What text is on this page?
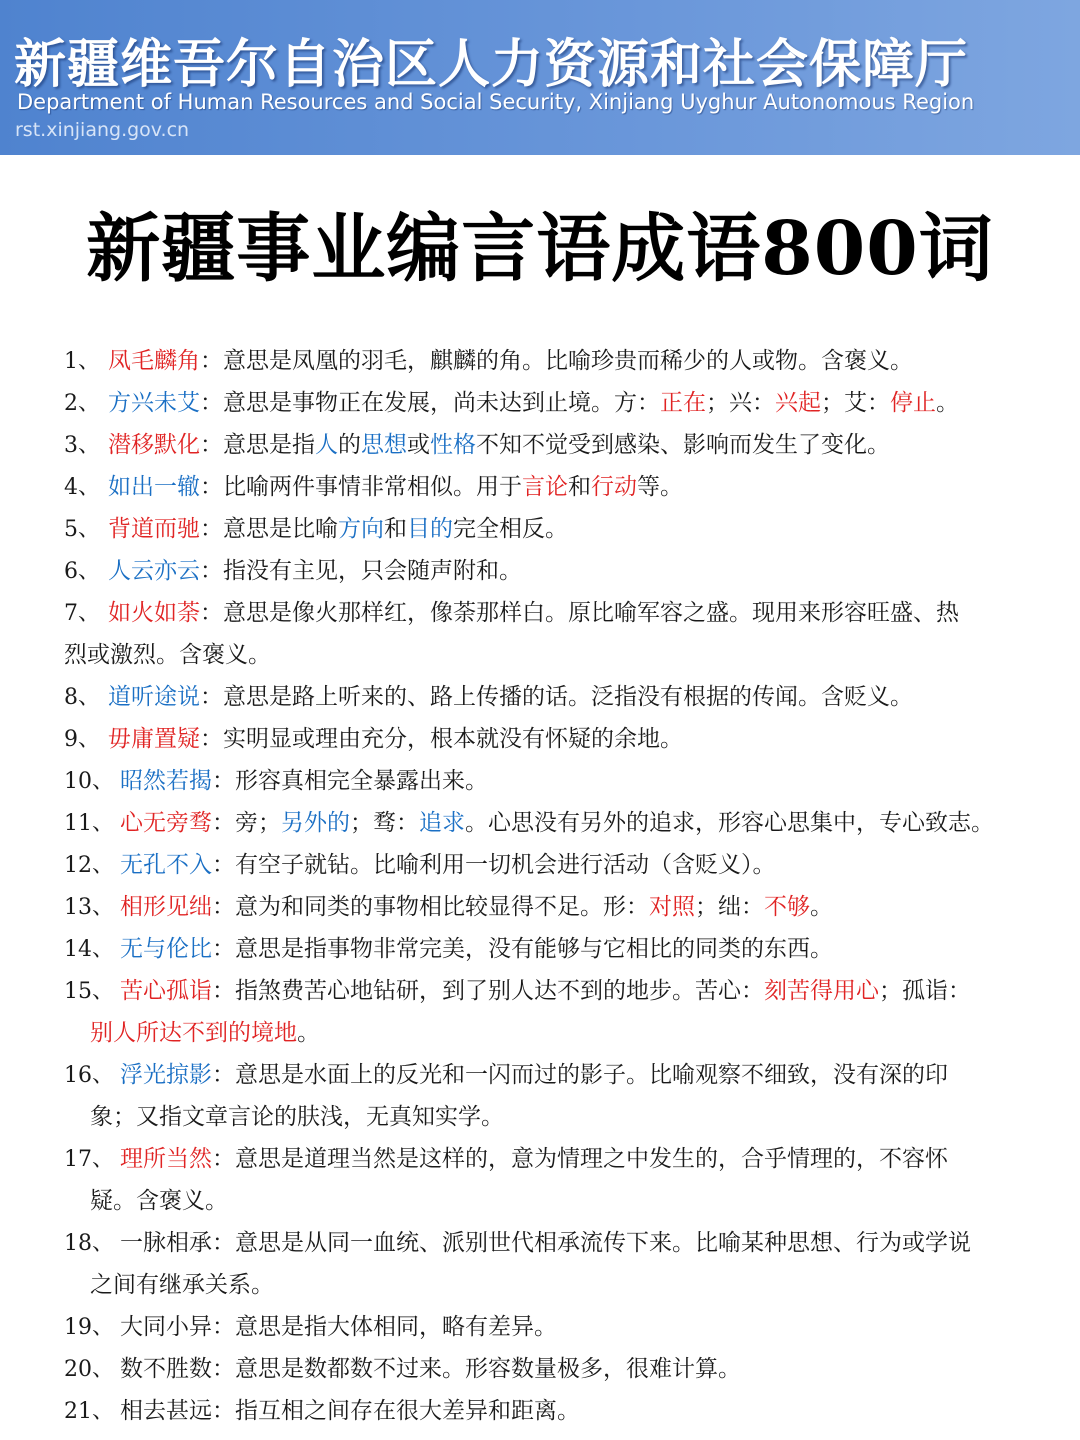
新疆维吾尔自治区人力资源和社会保障厅
Department of Human Resources and Social Security, Xinjiang Uyghur Autonomous Region
rst.xinjiang.gov.cn
新疆事业编言语成语800词
1、 凤毛麟角：意思是凤凰的羽毛，麒麟的角。比喻珍贵而稀少的人或物。含褒义。
2、 方兴未艾：意思是事物正在发展，尚未达到止境。方：正在；兴：兴起；艾：停止。
3、 潜移默化：意思是指人的思想或性格不知不觉受到感染、影响而发生了变化。
4、 如出一辙：比喻两件事情非常相似。用于言论和行动等。
5、 背道而驰：意思是比喻方向和目的完全相反。
6、 人云亦云：指没有主见，只会随声附和。
7、 如火如荼：意思是像火那样红，像荼那样白。原比喻军容之盛。现用来形容旺盛、热
烈或激烈。含褒义。
8、 道听途说：意思是路上听来的、路上传播的话。泛指没有根据的传闻。含贬义。
9、 毋庸置疑：实明显或理由充分，根本就没有怀疑的余地。
10、 昭然若揭：形容真相完全暴露出来。
11、 心无旁骛：旁；另外的；骛：追求。心思没有另外的追求，形容心思集中，专心致志。
12、 无孔不入：有空子就钻。比喻利用一切机会进行活动（含贬义）。
13、 相形见绌：意为和同类的事物相比较显得不足。形：对照；绌：不够。
14、 无与伦比：意思是指事物非常完美，没有能够与它相比的同类的东西。
15、 苦心孤诣：指煞费苦心地钻研，到了别人达不到的地步。苦心：刻苦得用心；孤诣：
别人所达不到的境地。
16、 浮光掠影：意思是水面上的反光和一闪而过的影子。比喻观察不细致，没有深的印
象；又指文章言论的肤浅，无真知实学。
17、 理所当然：意思是道理当然是这样的，意为情理之中发生的，合乎情理的，不容怀
疑。含褒义。
18、 一脉相承：意思是从同一血统、派别世代相承流传下来。比喻某种思想、行为或学说
之间有继承关系。
19、 大同小异：意思是指大体相同，略有差异。
20、 数不胜数：意思是数都数不过来。形容数量极多，很难计算。
21、 相去甚远：指互相之间存在很大差异和距离。
